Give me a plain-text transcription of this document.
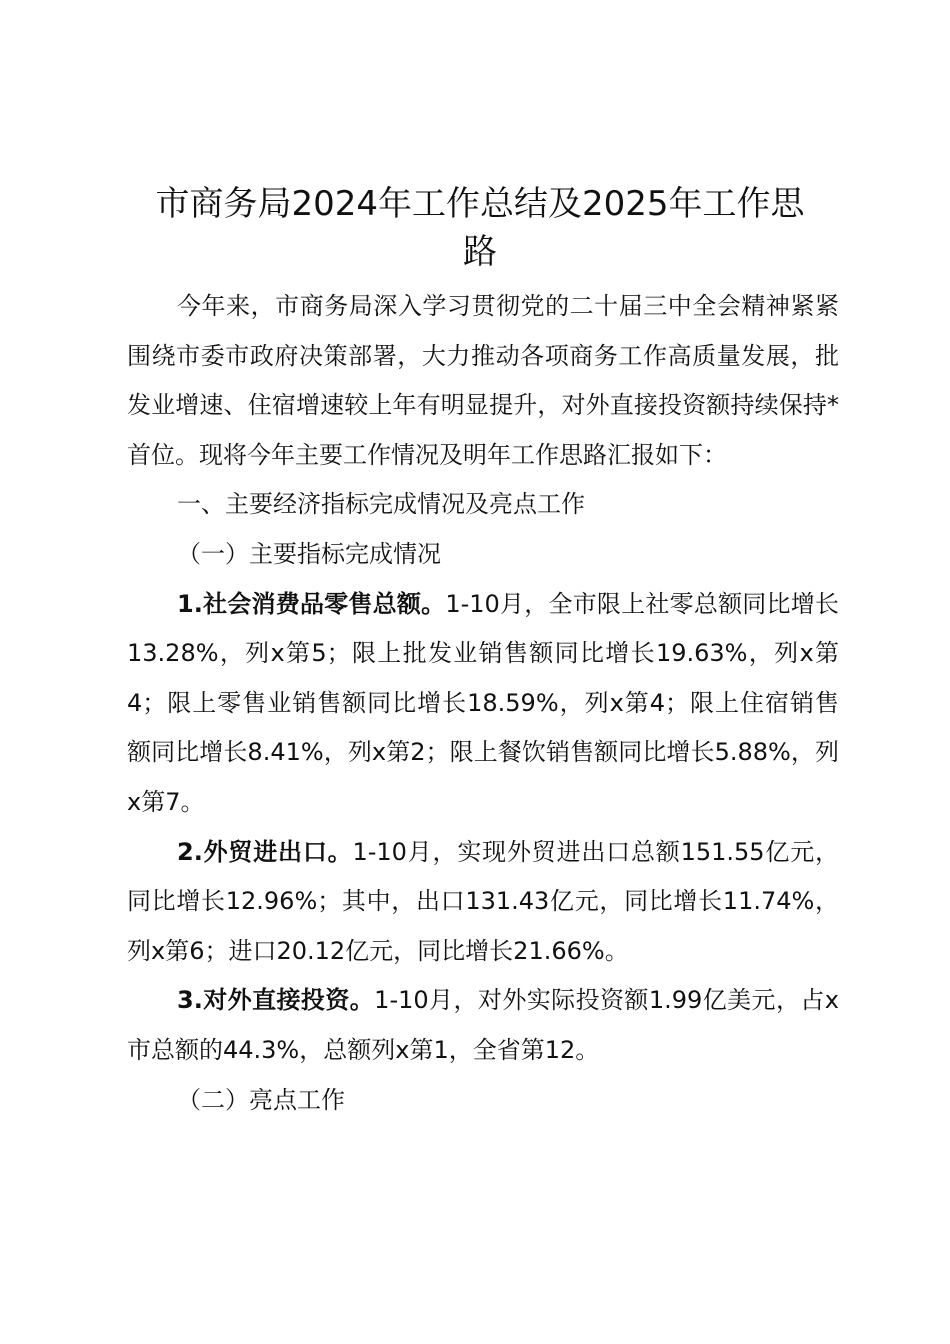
市商务局2024年工作总结及2025年工作思
路

今年来，市商务局深入学习贯彻党的二十届三中全会精神紧紧围绕市委市政府决策部署，大力推动各项商务工作高质量发展，批发业增速、住宿增速较上年有明显提升，对外直接投资额持续保持*首位。现将今年主要工作情况及明年工作思路汇报如下：

一、主要经济指标完成情况及亮点工作

（一）主要指标完成情况

1.社会消费品零售总额。1-10月，全市限上社零总额同比增长13.28%，列x第5；限上批发业销售额同比增长19.63%，列x第4；限上零售业销售额同比增长18.59%，列x第4；限上住宿销售额同比增长8.41%，列x第2；限上餐饮销售额同比增长5.88%，列x第7。

2.外贸进出口。1-10月，实现外贸进出口总额151.55亿元，同比增长12.96%；其中，出口131.43亿元，同比增长11.74%，列x第6；进口20.12亿元，同比增长21.66%。

3.对外直接投资。1-10月，对外实际投资额1.99亿美元，占x市总额的44.3%，总额列x第1，全省第12。

（二）亮点工作
